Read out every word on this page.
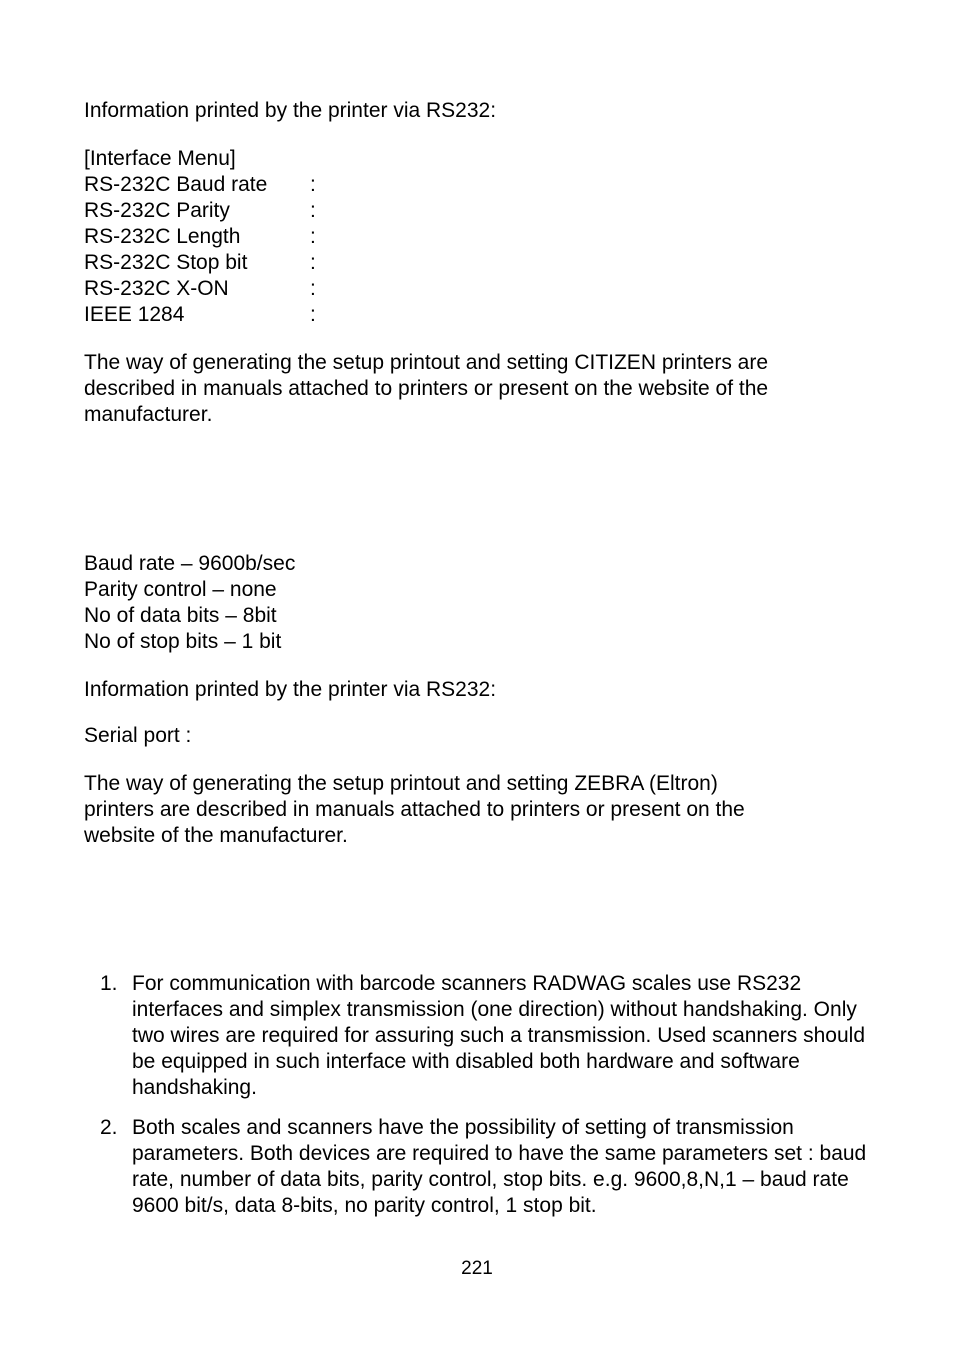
Information printed by the printer via RS232:

[Interface Menu]
RS-232C Baud rate :
RS-232C Parity	:
RS-232C Length	:
RS-232C Stop bit	:
RS-232C X-ON	:
IEEE 1284	:

The way of generating the setup printout and setting CITIZEN printers are described in manuals attached to printers or present on the website of the manufacturer.

Baud rate – 9600b/sec
Parity control – none
No of data bits – 8bit
No of stop bits – 1 bit

Information printed by the printer via RS232:

Serial port :

The way of generating the setup printout and setting ZEBRA (Eltron) printers are described in manuals attached to printers or present on the website of the manufacturer.

1. For communication with barcode scanners RADWAG scales use RS232 interfaces and simplex transmission (one direction) without handshaking. Only two wires are required for assuring such a transmission. Used scanners should be equipped in such interface with disabled both hardware and software handshaking.
2. Both scales and scanners have the possibility of setting of transmission parameters. Both devices are required to have the same parameters set : baud rate, number of data bits, parity control, stop bits. e.g. 9600,8,N,1 – baud rate 9600 bit/s, data 8-bits, no parity control, 1 stop bit.
221
